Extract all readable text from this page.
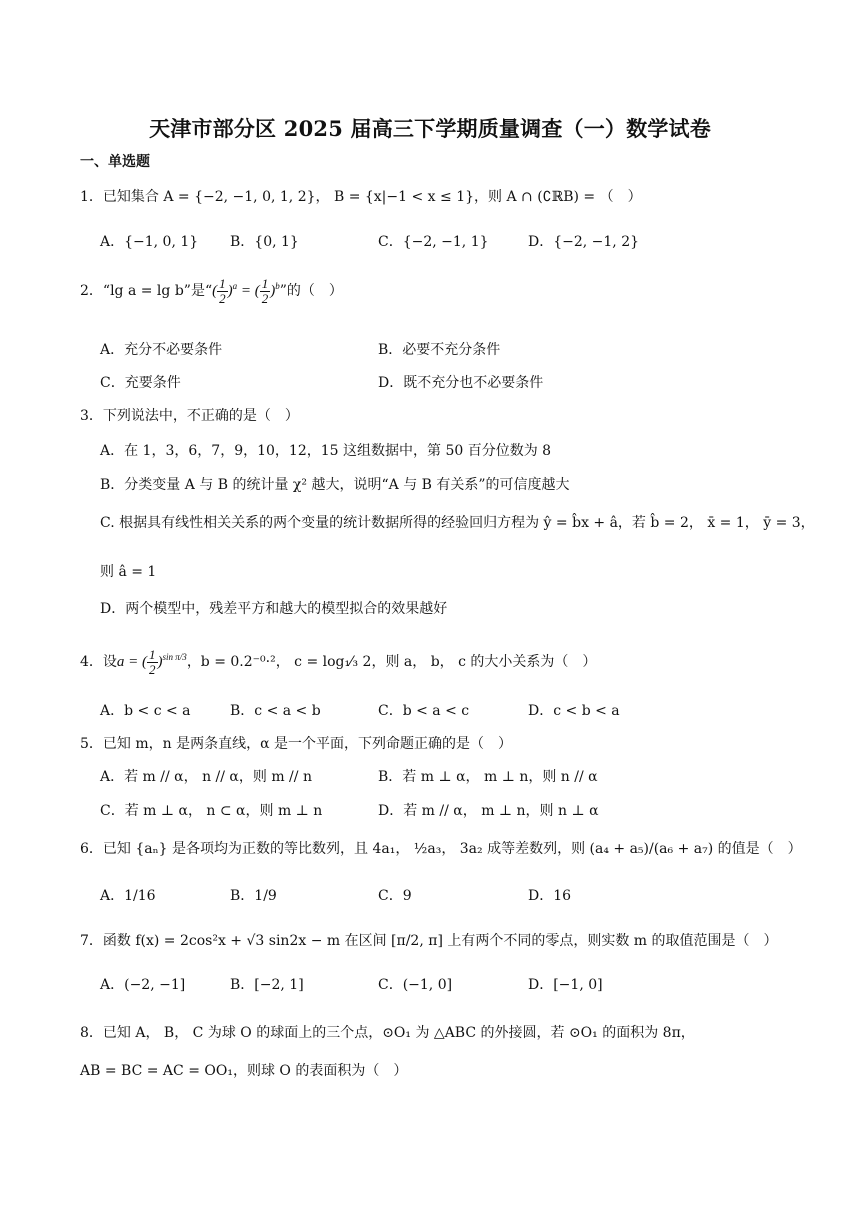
天津市部分区 2025 届高三下学期质量调查（一）数学试卷
一、单选题
1．已知集合 A = {−2, −1, 0, 1, 2}， B = {x|−1 < x ≤ 1}，则 A ∩ (∁ℝB) = （　）
A．{−1, 0, 1} B．{0, 1}	C．{−2, −1, 1}	D．{−2, −1, 2}
2．“lg a = lg b”是“( $\frac{1}{2} )^a$ = ( $\frac{1}{2} )^b$”的（　）
A．充分不必要条件	B．必要不充分条件
C．充要条件	D．既不充分也不必要条件
3．下列说法中，不正确的是（　）
A．在 1，3，6，7，9，10，12，15 这组数据中，第 50 百分位数为 8
B．分类变量 A 与 B 的统计量 χ² 越大，说明“A 与 B 有关系”的可信度越大
C. 根据具有线性相关关系的两个变量的统计数据所得的经验回归方程为 ŷ = b̂x + â，若 b̂ = 2， x̄ = 1， ȳ = 3，
则 â = 1
D．两个模型中，残差平方和越大的模型拟合的效果越好
4．设a = ( $\frac{1}{2} )^{sin \pi/3}$，b = 0.2⁻⁰·²， c = log₁⁄₃ 2，则 a， b， c 的大小关系为（　）
A．b < c < a	B．c < a < b	C．b < a < c	D．c < b < a
5．已知 m，n 是两条直线，α 是一个平面，下列命题正确的是（　）
A．若 m // α， n // α，则 m // n	B．若 m ⊥ α， m ⊥ n，则 n // α
C．若 m ⊥ α， n ⊂ α，则 m ⊥ n	D．若 m // α， m ⊥ n，则 n ⊥ α
6．已知 {aₙ} 是各项均为正数的等比数列，且 4a₁， ½a₃， 3a₂ 成等差数列，则 (a₄ + a₅)/(a₆ + a₇) 的值是（　）
A．1/16	B．1/9	C．9	D．16
7．函数 f(x) = 2cos²x + √3 sin2x − m 在区间 [π/2, π] 上有两个不同的零点，则实数 m 的取值范围是（　）
A．(−2, −1]	B．[−2, 1]	C．(−1, 0]	D．[−1, 0]
8．已知 A， B， C 为球 O 的球面上的三个点，⊙O₁ 为 △ABC 的外接圆，若 ⊙O₁ 的面积为 8π，
AB = BC = AC = OO₁，则球 O 的表面积为（　）
